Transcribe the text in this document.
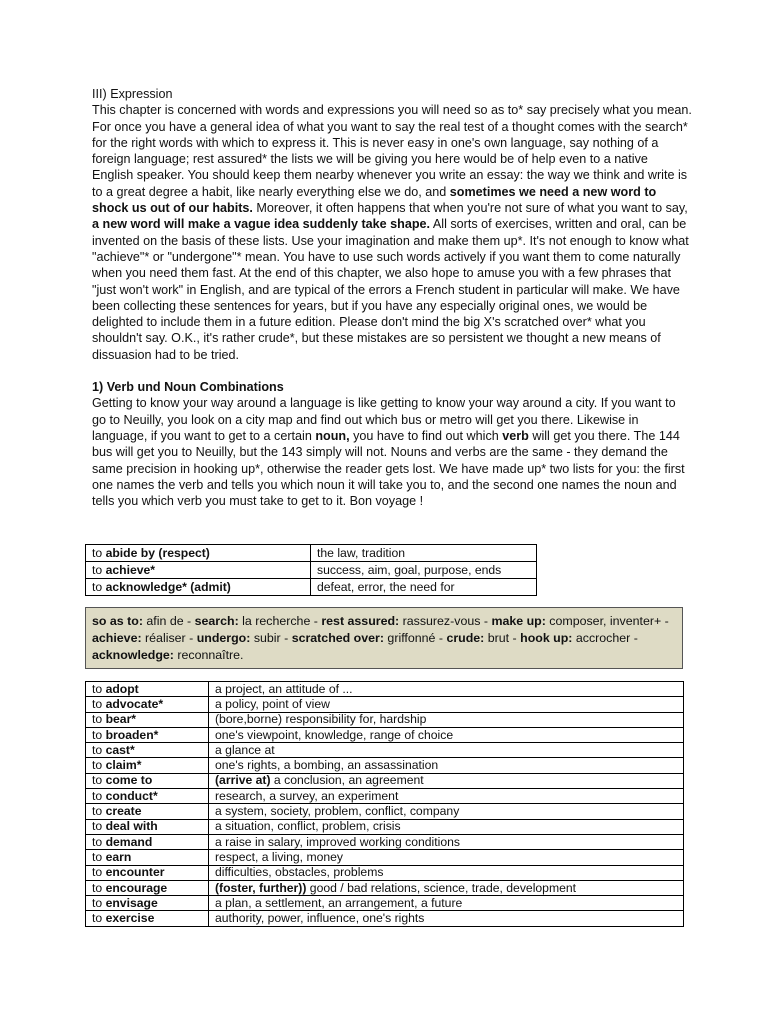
III) Expression

This chapter is concerned with words and expressions you will need so as to* say precisely what you mean. For once you have a general idea of what you want to say the real test of a thought comes with the search* for the right words with which to express it. This is never easy in one's own language, say nothing of a foreign language; rest assured* the lists we will be giving you here would be of help even to a native English speaker. You should keep them nearby whenever you write an essay: the way we think and write is to a great degree a habit, like nearly everything else we do, and sometimes we need a new word to shock us out of our habits. Moreover, it often happens that when you're not sure of what you want to say, a new word will make a vague idea suddenly take shape. All sorts of exercises, written and oral, can be invented on the basis of these lists. Use your imagination and make them up*. It's not enough to know what "achieve"* or "undergone"* mean. You have to use such words actively if you want them to come naturally when you need them fast. At the end of this chapter, we also hope to amuse you with a few phrases that "just won't work" in English, and are typical of the errors a French student in particular will make. We have been collecting these sentences for years, but if you have any especially original ones, we would be delighted to include them in a future edition. Please don't mind the big X's scratched over* what you shouldn't say. O.K., it's rather crude*, but these mistakes are so persistent we thought a new means of dissuasion had to be tried.

1) Verb und Noun Combinations

Getting to know your way around a language is like getting to know your way around a city. If you want to go to Neuilly, you look on a city map and find out which bus or metro will get you there. Likewise in language, if you want to get to a certain noun, you have to find out which verb will get you there. The 144 bus will get you to Neuilly, but the 143 simply will not. Nouns and verbs are the same - they demand the same precision in hooking up*, otherwise the reader gets lost. We have made up* two lists for you: the first one names the verb and tells you which noun it will take you to, and the second one names the noun and tells you which verb you must take to get to it. Bon voyage !

to abide by (respect)	the law, tradition
to achieve*	success, aim, goal, purpose, ends
to acknowledge* (admit)	defeat, error, the need for
so as to: afin de - search: la recherche - rest assured: rassurez-vous - make up: composer, inventer+ - achieve: réaliser - undergo: subir - scratched over: griffonné - crude: brut - hook up: accrocher - acknowledge: reconnaître.
to adopt	a project, an attitude of ...
to advocate*	a policy, point of view
to bear*	(bore,borne) responsibility for, hardship
to broaden*	one's viewpoint, knowledge, range of choice
to cast*	a glance at
to claim*	one's rights, a bombing, an assassination
to come to	(arrive at) a conclusion, an agreement
to conduct*	research, a survey, an experiment
to create	a system, society, problem, conflict, company
to deal with	a situation, conflict, problem, crisis
to demand	a raise in salary, improved working conditions
to earn	respect, a living, money
to encounter	difficulties, obstacles, problems
to encourage	(foster, further)) good / bad relations, science, trade, development
to envisage	a plan, a settlement, an arrangement, a future
to exercise	authority, power, influence, one's rights
